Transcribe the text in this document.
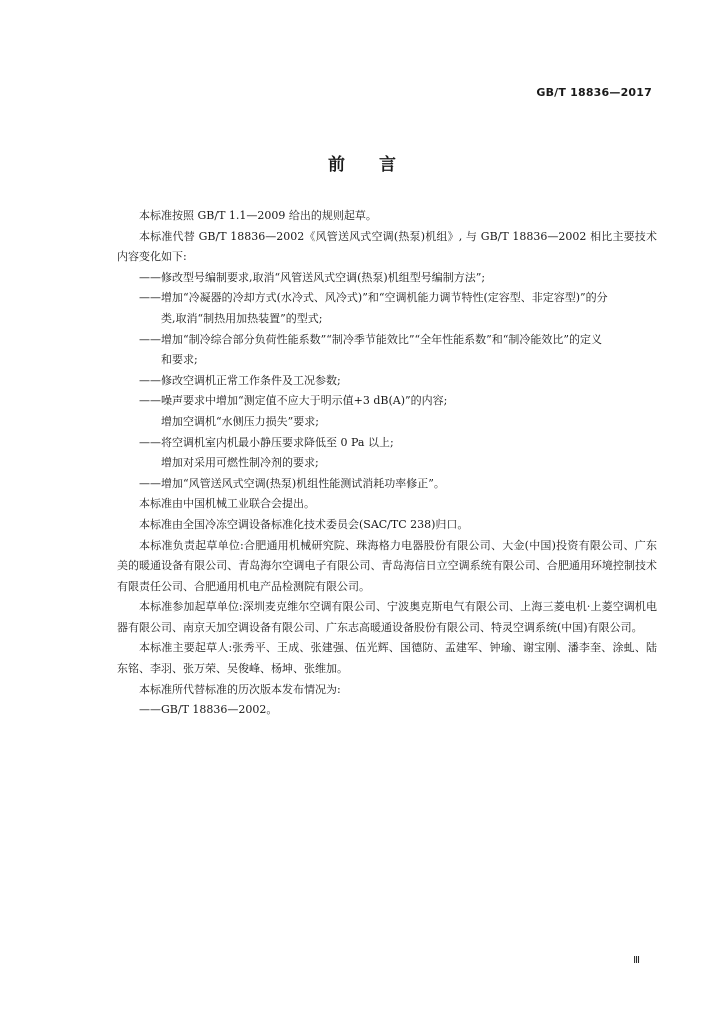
GB/T 18836—2017
前 言

本标准按照 GB/T 1.1—2009 给出的规则起草。

本标准代替 GB/T 18836—2002《风管送风式空调(热泵)机组》, 与 GB/T 18836—2002 相比主要技术内容变化如下:

——修改型号编制要求,取消“风管送风式空调(热泵)机组型号编制方法”;

——增加“冷凝器的冷却方式(水冷式、风冷式)”和“空调机能力调节特性(定容型、非定容型)”的分
类,取消“制热用加热装置”的型式;

——增加“制冷综合部分负荷性能系数”“制冷季节能效比”“全年性能系数”和“制冷能效比”的定义
和要求;

——修改空调机正常工作条件及工况参数;

——噪声要求中增加“测定值不应大于明示值+3 dB(A)”的内容;

增加空调机“水侧压力损失”要求;

——将空调机室内机最小静压要求降低至 0 Pa 以上;

增加对采用可燃性制冷剂的要求;

——增加“风管送风式空调(热泵)机组性能测试消耗功率修正”。

本标准由中国机械工业联合会提出。

本标准由全国冷冻空调设备标准化技术委员会(SAC/TC 238)归口。

本标准负责起草单位:合肥通用机械研究院、珠海格力电器股份有限公司、大金(中国)投资有限公司、广东美的暖通设备有限公司、青岛海尔空调电子有限公司、青岛海信日立空调系统有限公司、合肥通用环境控制技术有限责任公司、合肥通用机电产品检测院有限公司。

本标准参加起草单位:深圳麦克维尔空调有限公司、宁波奥克斯电气有限公司、上海三菱电机·上菱空调机电器有限公司、南京天加空调设备有限公司、广东志高暖通设备股份有限公司、特灵空调系统(中国)有限公司。

本标准主要起草人:张秀平、王成、张建强、伍光辉、国德防、孟建军、钟瑜、谢宝刚、潘李奎、涂虬、陆东铭、李羽、张万荣、吴俊峰、杨坤、张维加。

本标准所代替标准的历次版本发布情况为:

——GB/T 18836—2002。

Ⅲ
